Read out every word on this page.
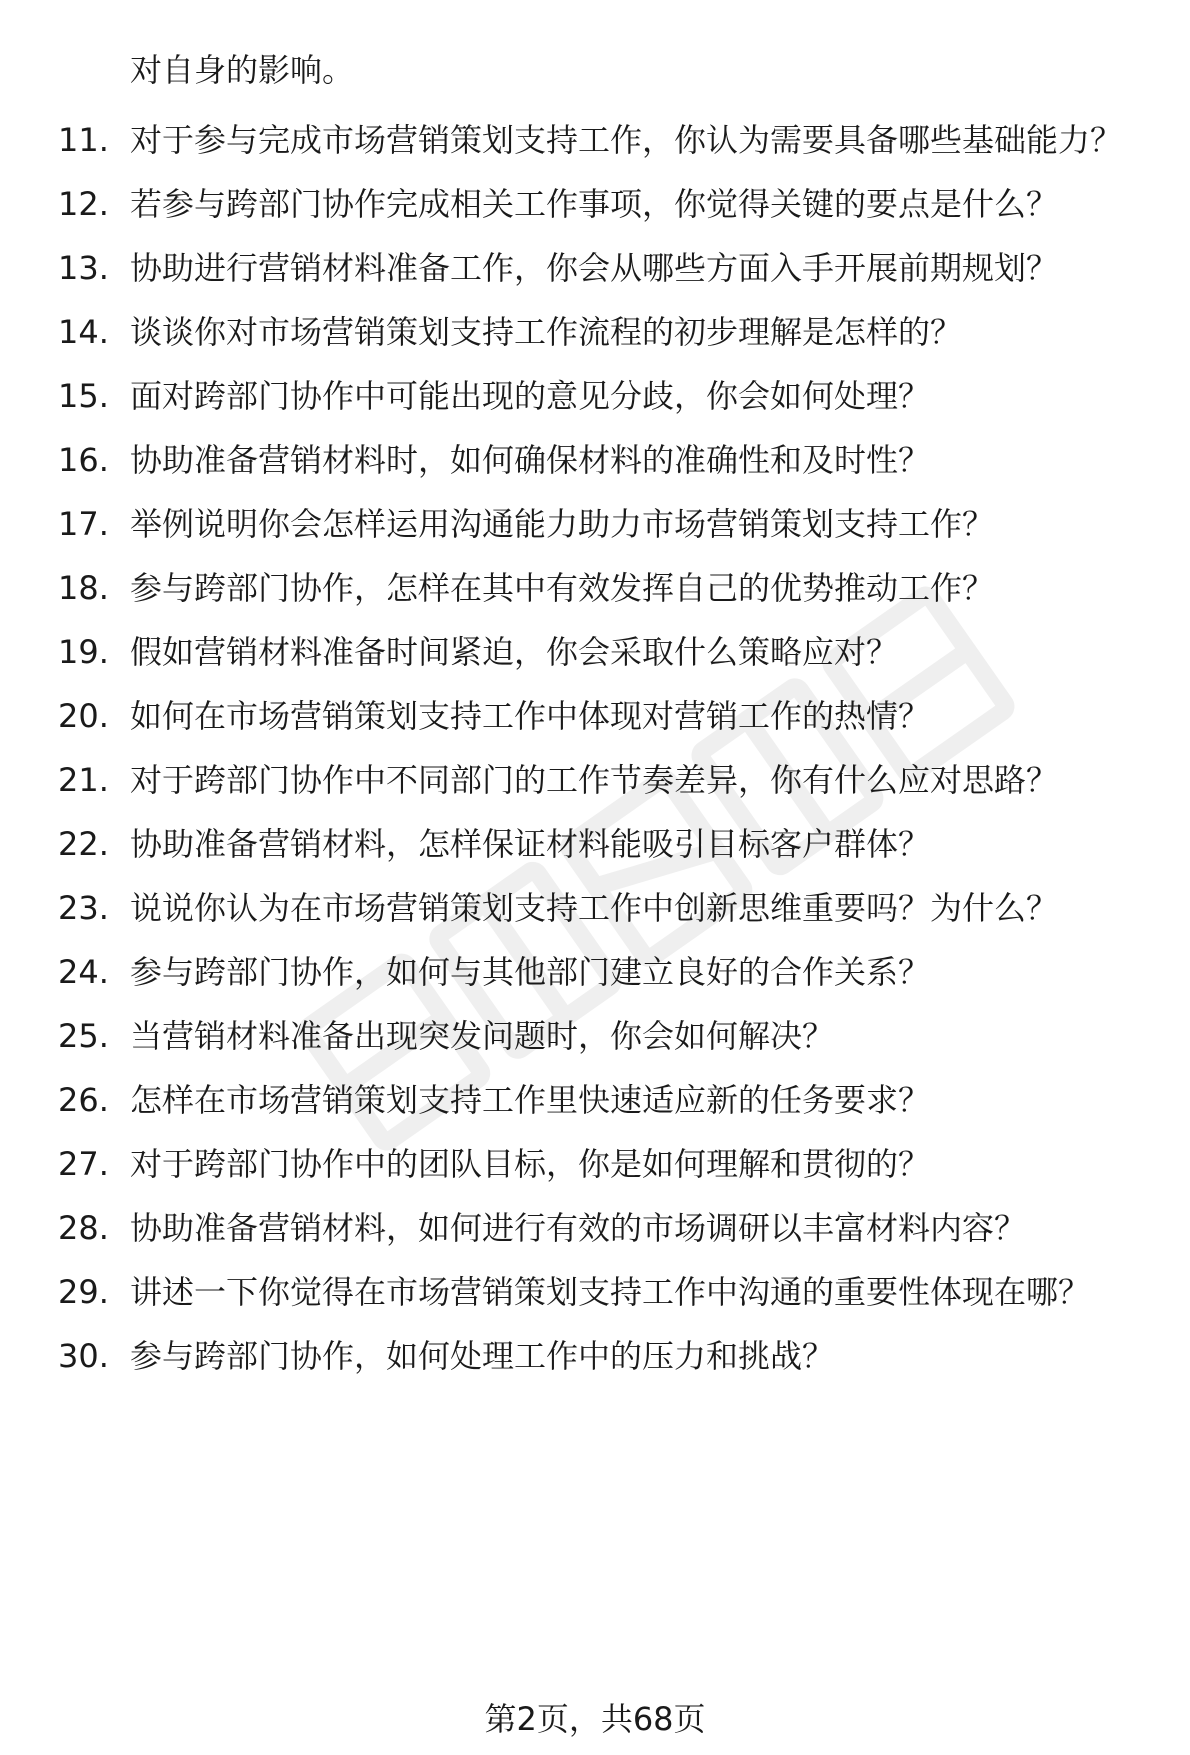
对自身的影响。

11. 对于参与完成市场营销策划支持工作，你认为需要具备哪些基础能力？
12. 若参与跨部门协作完成相关工作事项，你觉得关键的要点是什么？
13. 协助进行营销材料准备工作，你会从哪些方面入手开展前期规划？
14. 谈谈你对市场营销策划支持工作流程的初步理解是怎样的？
15. 面对跨部门协作中可能出现的意见分歧，你会如何处理？
16. 协助准备营销材料时，如何确保材料的准确性和及时性？
17. 举例说明你会怎样运用沟通能力助力市场营销策划支持工作？
18. 参与跨部门协作，怎样在其中有效发挥自己的优势推动工作？
19. 假如营销材料准备时间紧迫，你会采取什么策略应对？
20. 如何在市场营销策划支持工作中体现对营销工作的热情？
21. 对于跨部门协作中不同部门的工作节奏差异，你有什么应对思路？
22. 协助准备营销材料，怎样保证材料能吸引目标客户群体？
23. 说说你认为在市场营销策划支持工作中创新思维重要吗？为什么？
24. 参与跨部门协作，如何与其他部门建立良好的合作关系？
25. 当营销材料准备出现突发问题时，你会如何解决？
26. 怎样在市场营销策划支持工作里快速适应新的任务要求？
27. 对于跨部门协作中的团队目标，你是如何理解和贯彻的？
28. 协助准备营销材料，如何进行有效的市场调研以丰富材料内容？
29. 讲述一下你觉得在市场营销策划支持工作中沟通的重要性体现在哪？
30. 参与跨部门协作，如何处理工作中的压力和挑战？
第2页，共68页
